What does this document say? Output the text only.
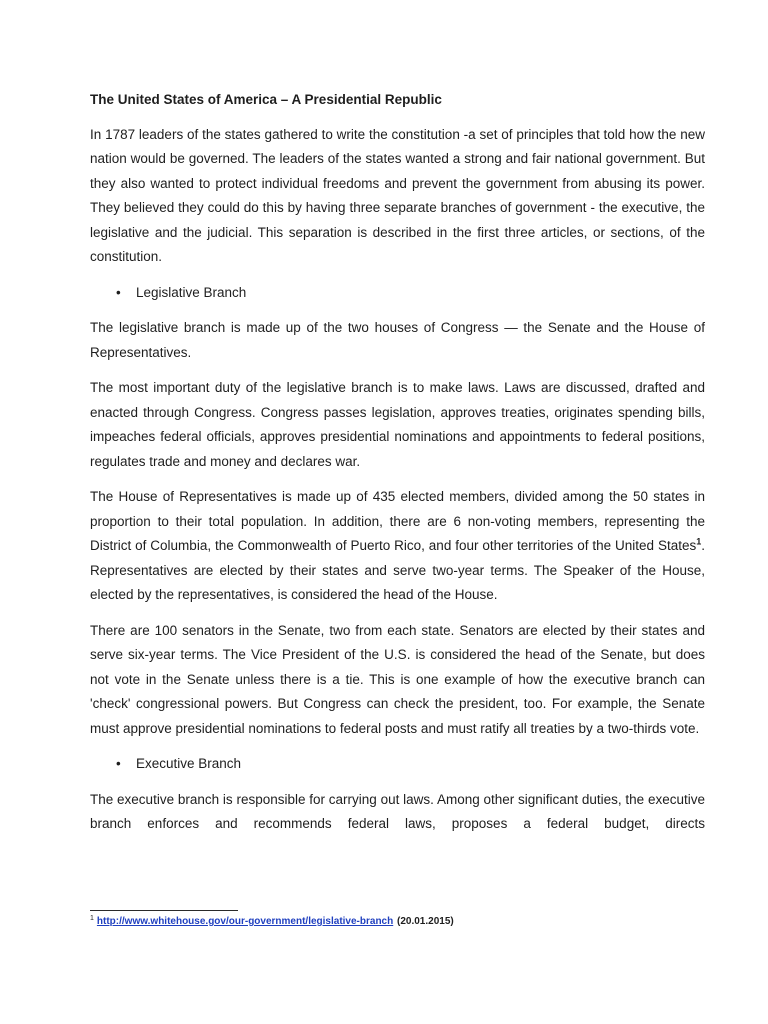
The United States of America – A Presidential Republic

In 1787 leaders of the states gathered to write the constitution -a set of principles that told how the new nation would be governed. The leaders of the states wanted a strong and fair national government. But they also wanted to protect individual freedoms and prevent the government from abusing its power. They believed they could do this by having three separate branches of government - the executive, the legislative and the judicial. This separation is described in the first three articles, or sections, of the constitution.

• Legislative Branch

The legislative branch is made up of the two houses of Congress — the Senate and the House of Representatives.

The most important duty of the legislative branch is to make laws. Laws are discussed, drafted and enacted through Congress. Congress passes legislation, approves treaties, originates spending bills, impeaches federal officials, approves presidential nominations and appointments to federal positions, regulates trade and money and declares war.

The House of Representatives is made up of 435 elected members, divided among the 50 states in proportion to their total population. In addition, there are 6 non-voting members, representing the District of Columbia, the Commonwealth of Puerto Rico, and four other territories of the United States$^1$. Representatives are elected by their states and serve two-year terms. The Speaker of the House, elected by the representatives, is considered the head of the House.

There are 100 senators in the Senate, two from each state. Senators are elected by their states and serve six-year terms. The Vice President of the U.S. is considered the head of the Senate, but does not vote in the Senate unless there is a tie. This is one example of how the executive branch can 'check' congressional powers. But Congress can check the president, too. For example, the Senate must approve presidential nominations to federal posts and must ratify all treaties by a two-thirds vote.

• Executive Branch

The executive branch is responsible for carrying out laws. Among other significant duties, the executive branch enforces and recommends federal laws, proposes a federal budget, directs

$^1$ http://www.whitehouse.gov/our-government/legislative-branch (20.01.2015)
